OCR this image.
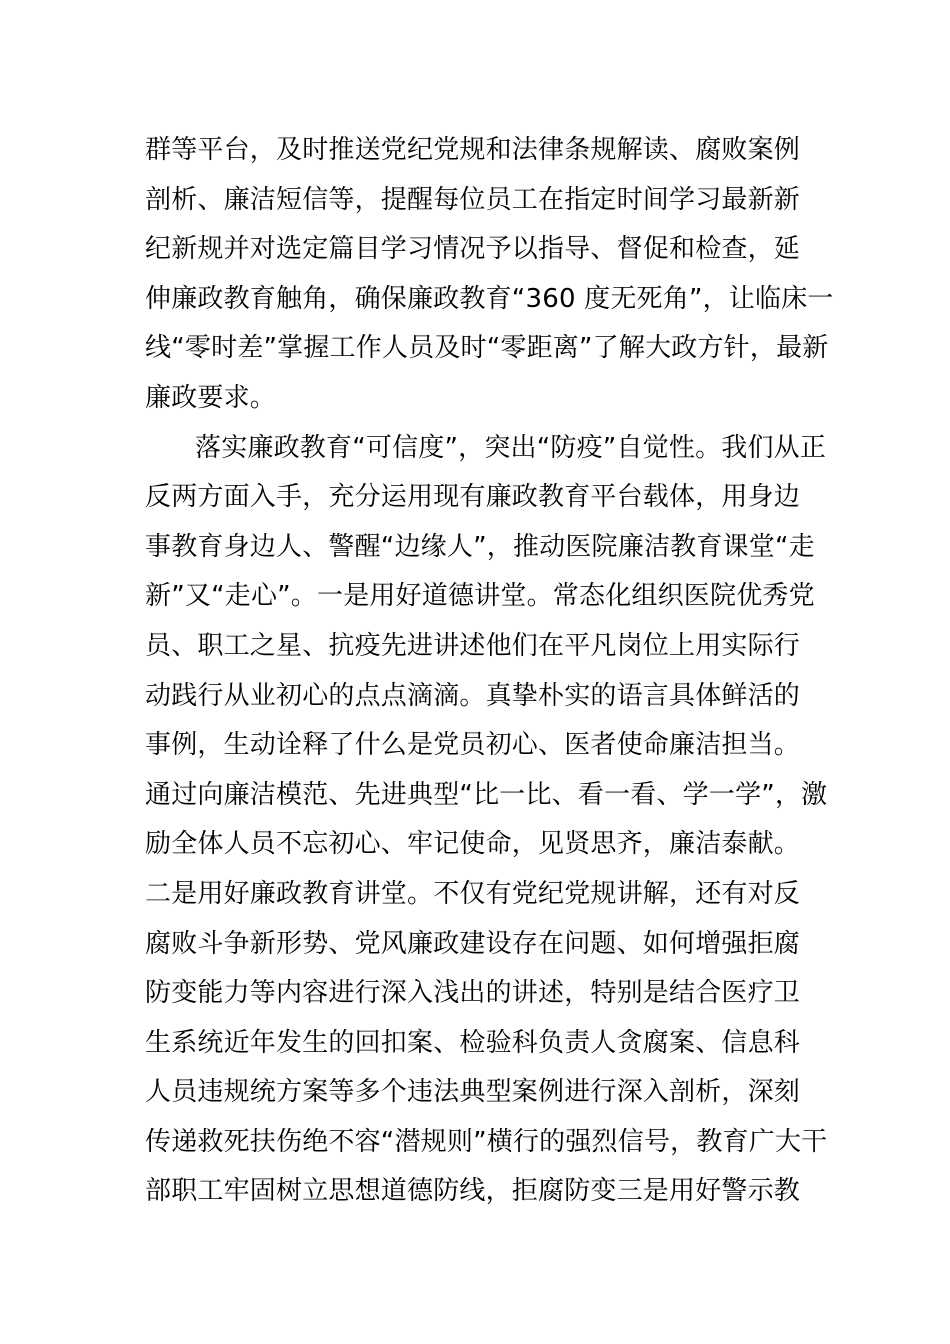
群等平台，及时推送党纪党规和法律条规解读、腐败案例
剖析、廉洁短信等，提醒每位员工在指定时间学习最新新
纪新规并对选定篇目学习情况予以指导、督促和检查，延
伸廉政教育触角，确保廉政教育“360 度无死角”，让临床一
线“零时差”掌握工作人员及时“零距离”了解大政方针，最新
廉政要求。
落实廉政教育“可信度”，突出“防疫”自觉性。我们从正
反两方面入手，充分运用现有廉政教育平台载体，用身边
事教育身边人、警醒“边缘人”，推动医院廉洁教育课堂“走
新”又“走心”。一是用好道德讲堂。常态化组织医院优秀党
员、职工之星、抗疫先进讲述他们在平凡岗位上用实际行
动践行从业初心的点点滴滴。真挚朴实的语言具体鲜活的
事例，生动诠释了什么是党员初心、医者使命廉洁担当。
通过向廉洁模范、先进典型“比一比、看一看、学一学”，激
励全体人员不忘初心、牢记使命，见贤思齐，廉洁泰献。
二是用好廉政教育讲堂。不仅有党纪党规讲解，还有对反
腐败斗争新形势、党风廉政建设存在问题、如何增强拒腐
防变能力等内容进行深入浅出的讲述，特别是结合医疗卫
生系统近年发生的回扣案、检验科负责人贪腐案、信息科
人员违规统方案等多个违法典型案例进行深入剖析，深刻
传递救死扶伤绝不容“潜规则”横行的强烈信号，教育广大干
部职工牢固树立思想道德防线，拒腐防变三是用好警示教
